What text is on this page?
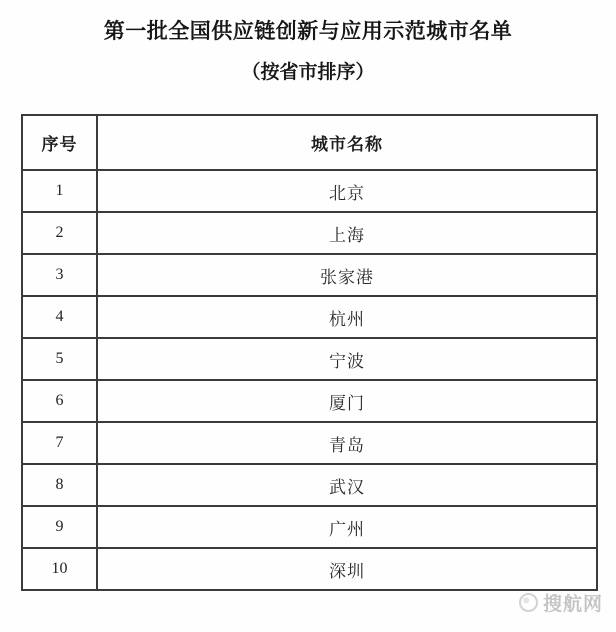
第一批全国供应链创新与应用示范城市名单
（按省市排序）
序号	城市名称
1	北京
2	上海
3	张家港
4	杭州
5	宁波
6	厦门
7	青岛
8	武汉
9	广州
10	深圳
搜航网
